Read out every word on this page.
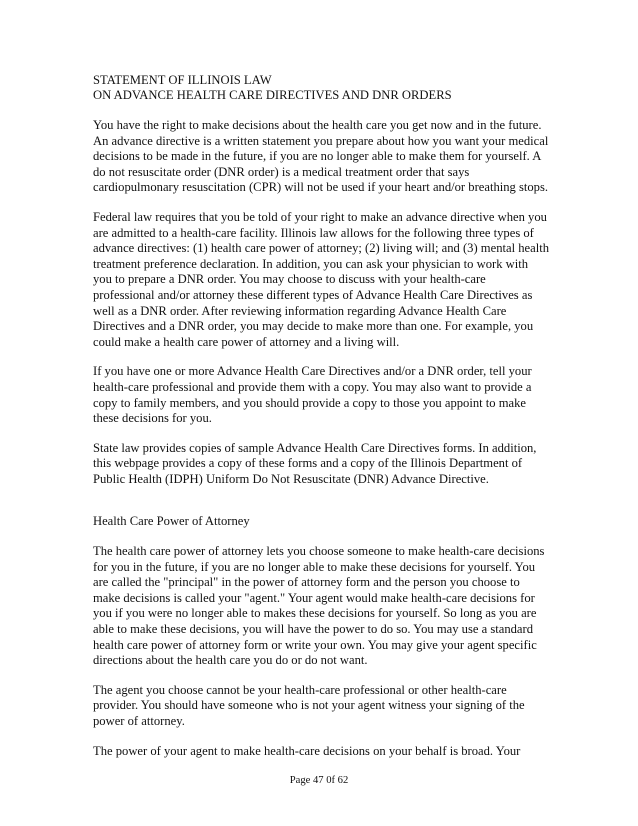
STATEMENT OF ILLINOIS LAW
ON ADVANCE HEALTH CARE DIRECTIVES AND DNR ORDERS

You have the right to make decisions about the health care you get now and in the future. An advance directive is a written statement you prepare about how you want your medical decisions to be made in the future, if you are no longer able to make them for yourself. A do not resuscitate order (DNR order) is a medical treatment order that says cardiopulmonary resuscitation (CPR) will not be used if your heart and/or breathing stops.

Federal law requires that you be told of your right to make an advance directive when you are admitted to a health-care facility. Illinois law allows for the following three types of advance directives: (1) health care power of attorney; (2) living will; and (3) mental health treatment preference declaration. In addition, you can ask your physician to work with you to prepare a DNR order. You may choose to discuss with your health-care professional and/or attorney these different types of Advance Health Care Directives as well as a DNR order. After reviewing information regarding Advance Health Care Directives and a DNR order, you may decide to make more than one. For example, you could make a health care power of attorney and a living will.

If you have one or more Advance Health Care Directives and/or a DNR order, tell your health-care professional and provide them with a copy. You may also want to provide a copy to family members, and you should provide a copy to those you appoint to make these decisions for you.

State law provides copies of sample Advance Health Care Directives forms. In addition, this webpage provides a copy of these forms and a copy of the Illinois Department of Public Health (IDPH) Uniform Do Not Resuscitate (DNR) Advance Directive.

Health Care Power of Attorney

The health care power of attorney lets you choose someone to make health-care decisions for you in the future, if you are no longer able to make these decisions for yourself. You are called the "principal" in the power of attorney form and the person you choose to make decisions is called your "agent." Your agent would make health-care decisions for you if you were no longer able to makes these decisions for yourself. So long as you are able to make these decisions, you will have the power to do so. You may use a standard health care power of attorney form or write your own. You may give your agent specific directions about the health care you do or do not want.

The agent you choose cannot be your health-care professional or other health-care provider. You should have someone who is not your agent witness your signing of the power of attorney.

The power of your agent to make health-care decisions on your behalf is broad. Your

Page 47 0f 62
